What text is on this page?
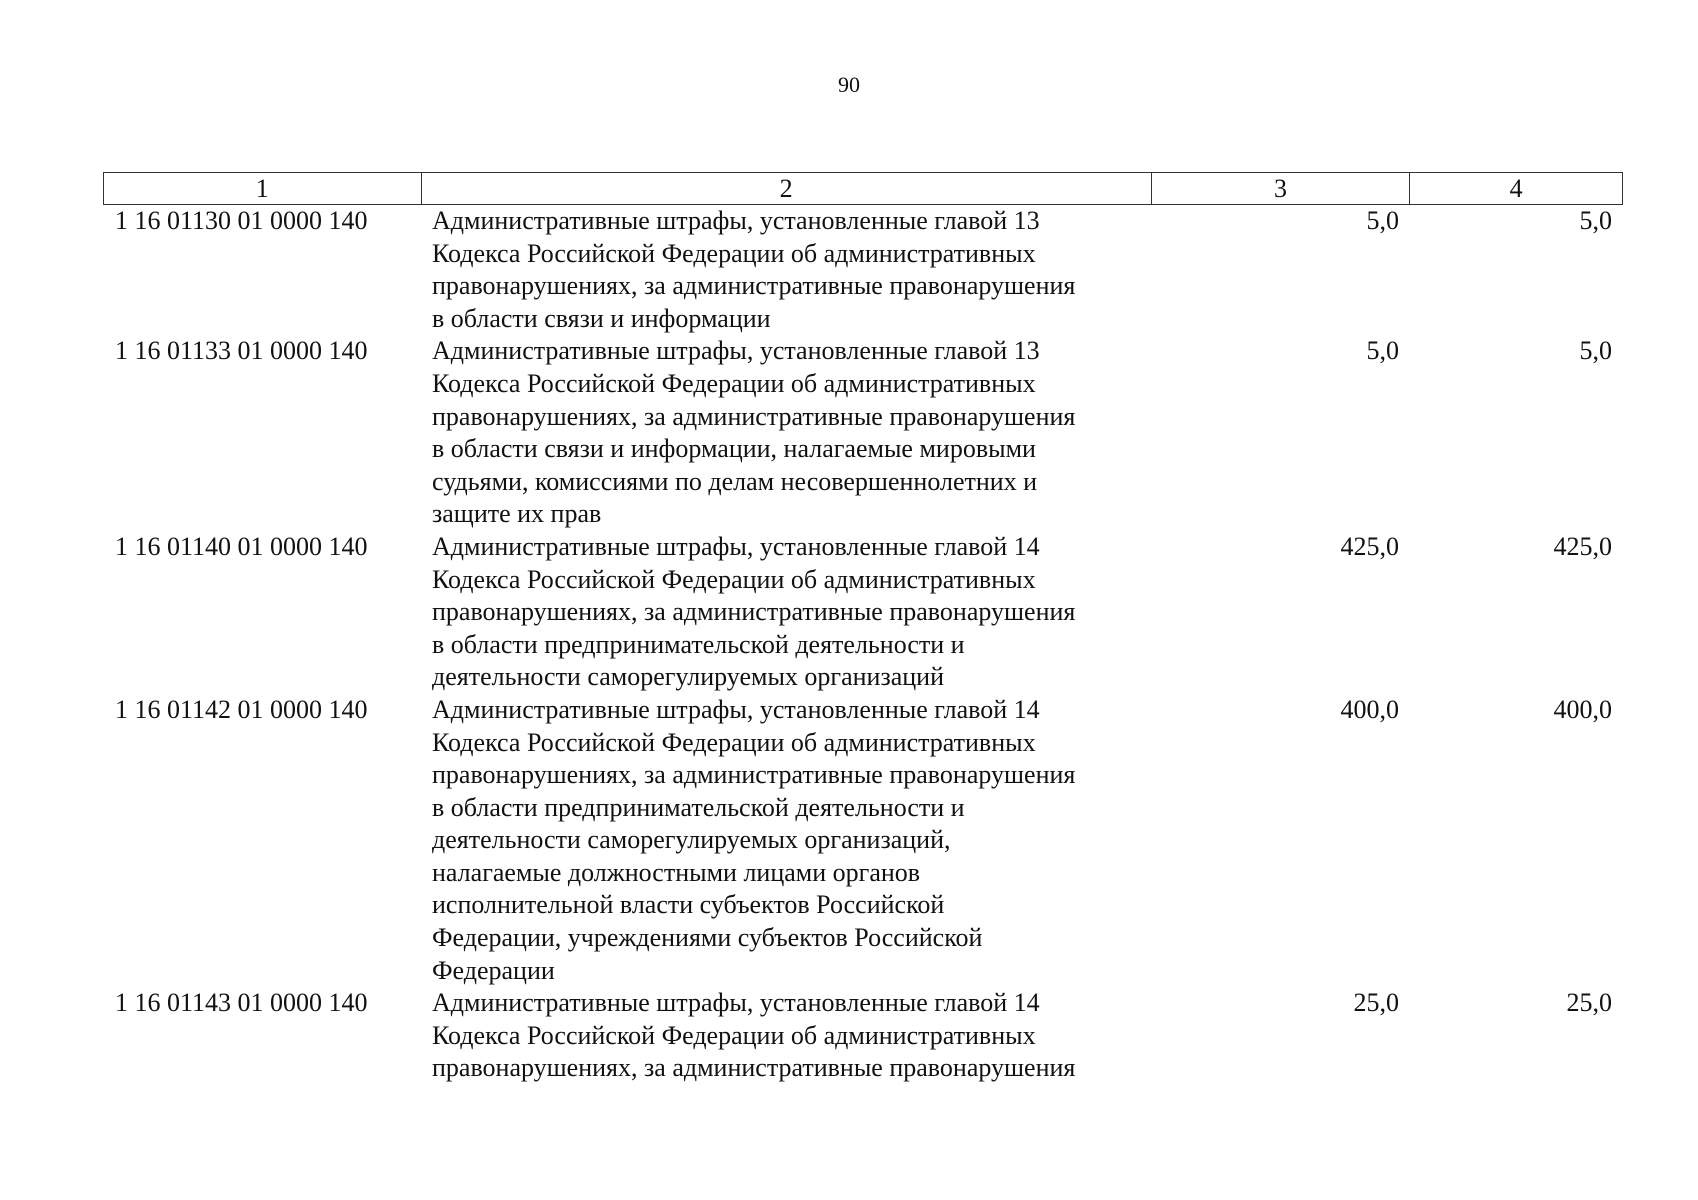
90
1	2	3	4
1 16 01130 01 0000 140	Административные штрафы, установленные главой 13
Кодекса Российской Федерации об административных
правонарушениях, за административные правонарушения
в области связи и информации
5,0	5,0
1 16 01133 01 0000 140	Административные штрафы, установленные главой 13
Кодекса Российской Федерации об административных
правонарушениях, за административные правонарушения
в области связи и информации, налагаемые мировыми
судьями, комиссиями по делам несовершеннолетних и
защите их прав
5,0	5,0
1 16 01140 01 0000 140	Административные штрафы, установленные главой 14
Кодекса Российской Федерации об административных
правонарушениях, за административные правонарушения
в области предпринимательской деятельности и
деятельности саморегулируемых организаций
425,0	425,0
1 16 01142 01 0000 140	Административные штрафы, установленные главой 14
Кодекса Российской Федерации об административных
правонарушениях, за административные правонарушения
в области предпринимательской деятельности и
деятельности саморегулируемых организаций,
налагаемые должностными лицами органов
исполнительной власти субъектов Российской
Федерации, учреждениями субъектов Российской
Федерации
400,0	400,0
1 16 01143 01 0000 140	Административные штрафы, установленные главой 14
Кодекса Российской Федерации об административных
правонарушениях, за административные правонарушения
25,0	25,0
